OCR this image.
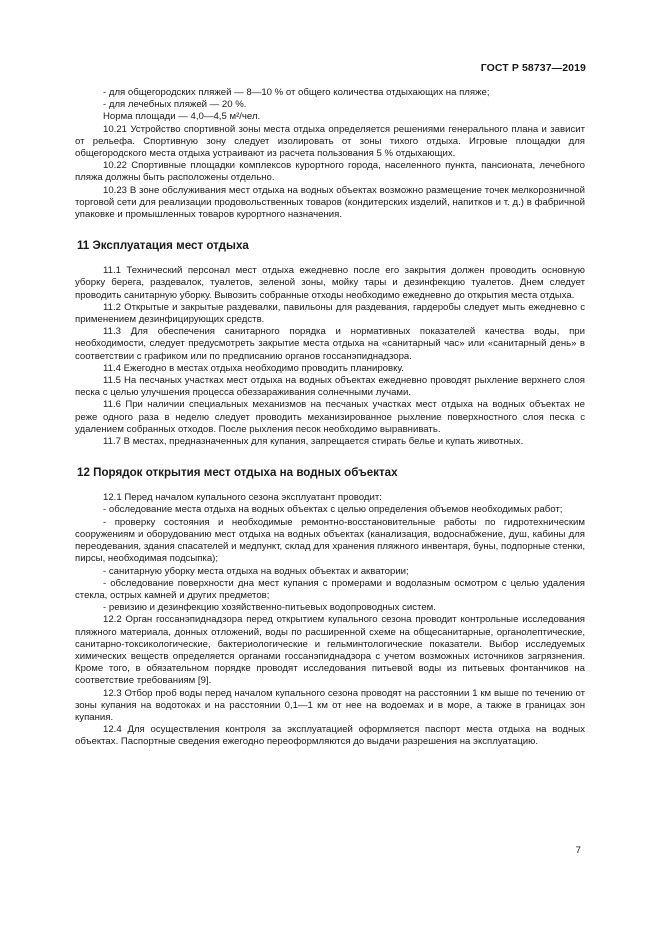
ГОСТ Р 58737—2019

- для общегородских пляжей — 8—10 % от общего количества отдыхающих на пляже;

- для лечебных пляжей — 20 %.

Норма площади — 4,0—4,5 м²/чел.

10.21 Устройство спортивной зоны места отдыха определяется решениями генерального плана и зависит от рельефа. Спортивную зону следует изолировать от зоны тихого отдыха. Игровые площадки для общегородского места отдыха устраивают из расчета пользования 5 % отдыхающих.

10.22 Спортивные площадки комплексов курортного города, населенного пункта, пансионата, лечебного пляжа должны быть расположены отдельно.

10.23 В зоне обслуживания мест отдыха на водных объектах возможно размещение точек мелкорозничной торговой сети для реализации продовольственных товаров (кондитерских изделий, напитков и т. д.) в фабричной упаковке и промышленных товаров курортного назначения.

11 Эксплуатация мест отдыха

11.1 Технический персонал мест отдыха ежедневно после его закрытия должен проводить основную уборку берега, раздевалок, туалетов, зеленой зоны, мойку тары и дезинфекцию туалетов. Днем следует проводить санитарную уборку. Вывозить собранные отходы необходимо ежедневно до открытия места отдыха.

11.2 Открытые и закрытые раздевалки, павильоны для раздевания, гардеробы следует мыть ежедневно с применением дезинфицирующих средств.

11.3 Для обеспечения санитарного порядка и нормативных показателей качества воды, при необходимости, следует предусмотреть закрытие места отдыха на «санитарный час» или «санитарный день» в соответствии с графиком или по предписанию органов госсанэпиднадзора.

11.4 Ежегодно в местах отдыха необходимо проводить планировку.

11.5 На песчаных участках мест отдыха на водных объектах ежедневно проводят рыхление верхнего слоя песка с целью улучшения процесса обеззараживания солнечными лучами.

11.6 При наличии специальных механизмов на песчаных участках мест отдыха на водных объектах не реже одного раза в неделю следует проводить механизированное рыхление поверхностного слоя песка с удалением собранных отходов. После рыхления песок необходимо выравнивать.

11.7 В местах, предназначенных для купания, запрещается стирать белье и купать животных.

12 Порядок открытия мест отдыха на водных объектах

12.1 Перед началом купального сезона эксплуатант проводит:

- обследование места отдыха на водных объектах с целью определения объемов необходимых работ;

- проверку состояния и необходимые ремонтно-восстановительные работы по гидротехническим сооружениям и оборудованию мест отдыха на водных объектах (канализация, водоснабжение, душ, кабины для переодевания, здания спасателей и медпункт, склад для хранения пляжного инвентаря, буны, подпорные стенки, пирсы, необходимая подсыпка);

- санитарную уборку места отдыха на водных объектах и акватории;

- обследование поверхности дна мест купания с промерами и водолазным осмотром с целью удаления стекла, острых камней и других предметов;

- ревизию и дезинфекцию хозяйственно-питьевых водопроводных систем.

12.2 Орган госсанэпиднадзора перед открытием купального сезона проводит контрольные исследования пляжного материала, донных отложений, воды по расширенной схеме на общесанитарные, органолептические, санитарно-токсикологические, бактериологические и гельминтологические показатели. Выбор исследуемых химических веществ определяется органами госсанэпиднадзора с учетом возможных источников загрязнения. Кроме того, в обязательном порядке проводят исследования питьевой воды из питьевых фонтанчиков на соответствие требованиям [9].

12.3 Отбор проб воды перед началом купального сезона проводят на расстоянии 1 км выше по течению от зоны купания на водотоках и на расстоянии 0,1—1 км от нее на водоемах и в море, а также в границах зон купания.

12.4 Для осуществления контроля за эксплуатацией оформляется паспорт места отдыха на водных объектах. Паспортные сведения ежегодно переоформляются до выдачи разрешения на эксплуатацию.

7
